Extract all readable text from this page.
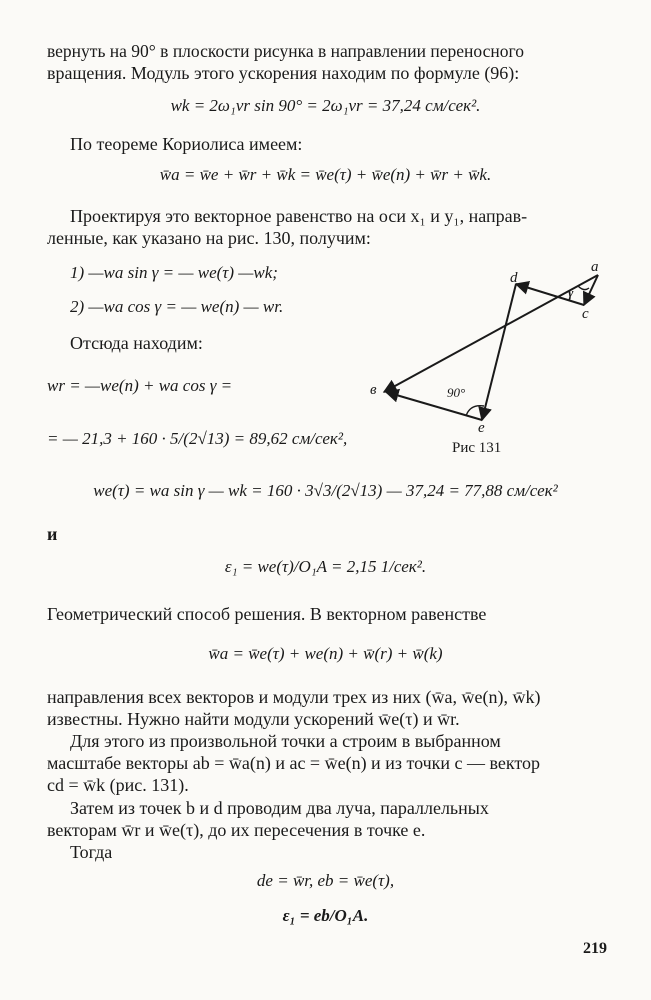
вернуть на 90° в плоскости рисунка в направлении переносного
вращения. Модуль этого ускорения находим по формуле (96):
wk = 2ω₁vr sin 90° = 2ω₁vr = 37,24 см/сек².
По теореме Кориолиса имеем:
w̄a = w̄e + w̄r + w̄k = w̄e(τ) + w̄e(n) + w̄r + w̄k.
Проектируя это векторное равенство на оси x₁ и y₁, направ-
ленные, как указано на рис. 130, получим:
1) —wa sin γ = — we(τ) —wk;
2) —wa cos γ = — we(n) — wr.
Отсюда находим:
wr = —we(n) + wa cos γ =
= — 21,3 + 160 · 5/(2√13) = 89,62 см/сек²,
a
в
c
d
e
90°
γ
Рис 131
we(τ) = wa sin γ — wk = 160 · 3√3/(2√13) — 37,24 = 77,88 см/сек²
и
ε₁ = we(τ)/O₁A = 2,15 1/сек².
Геометрический способ решения. В векторном равенстве
w̄a = w̄e(τ) + we(n) + w̄(r) + w̄(k)
направления всех векторов и модули трех из них (w̄a, w̄e(n), w̄k)
известны. Нужно найти модули ускорений w̄e(τ) и w̄r.
Для этого из произвольной точки a строим в выбранном
масштабе векторы ab = w̄a(n) и ac = w̄e(n) и из точки c — вектор
cd = w̄k (рис. 131).
Затем из точек b и d проводим два луча, параллельных
векторам w̄r и w̄e(τ), до их пересечения в точке e.
Тогда
de = w̄r, eb = w̄e(τ),
ε₁ = eb/O₁A.
219
